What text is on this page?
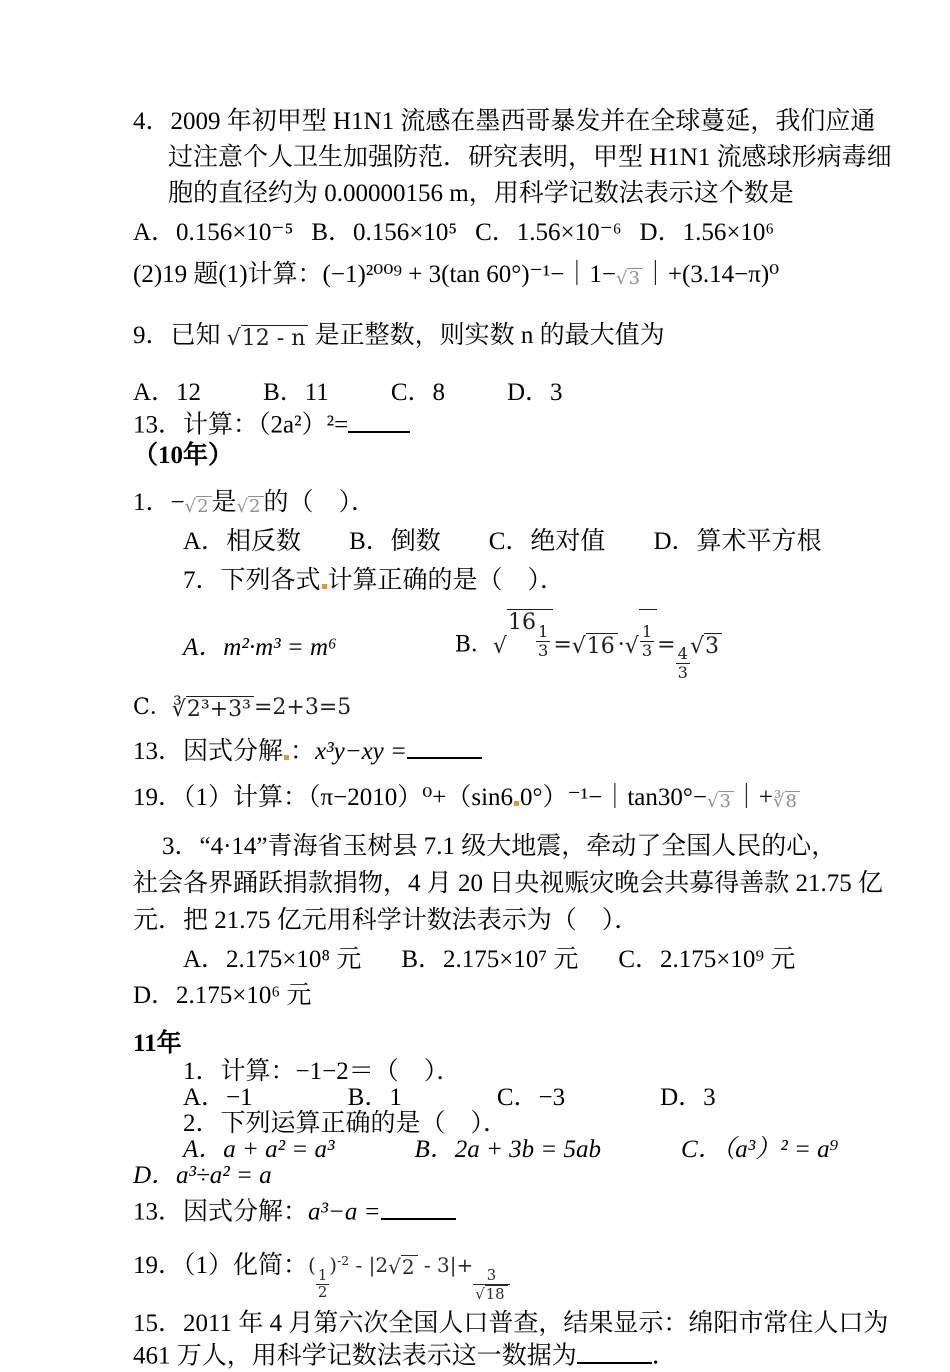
4．2009 年初甲型 H1N1 流感在墨西哥暴发并在全球蔓延，我们应通
过注意个人卫生加强防范．研究表明，甲型 H1N1 流感球形病毒细
胞的直径约为 0.00000156 m，用科学记数法表示这个数是
A．0.156×10⁻⁵ B．0.156×10⁵ C．1.56×10⁻⁶ D．1.56×10⁶
(2)19 题(1)计算：(−1)²⁰⁰⁹ + 3(tan 60°)⁻¹−｜1− √ 3 ｜+(3.14−π)⁰
9．已知 √ 12 - n 是正整数，则实数 n 的最大值为
A．12 B．11 C．8 D．3
13．计算：（2a²）²=
（10年）
1．− √ 2 是 √ 2 的（　）．
A．相反数 B．倒数 C．绝对值 D．算术平方根
7．下列各式 计算正确的是（　）．
A．m²·m³ = m⁶	B． √
16
$\frac{1}{3}$ = √ 16 · √ $\frac{1}{3}$ =
$\frac{4}{3}$ √ 3
C． ∛ 2³+3³ =2+3=5
13．因式分解 ：x³y−xy =
19．（1）计算：（π−2010）⁰+（sin6 0°）⁻¹−｜tan30°− √ 3 ｜+ ∛ 8
3．“4·14”青海省玉树县 7.1 级大地震，牵动了全国人民的心，
社会各界踊跃捐款捐物，4 月 20 日央视赈灾晚会共募得善款 21.75 亿
元．把 21.75 亿元用科学计数法表示为（　）．
A．2.175×10⁸ 元 B．2.175×10⁷ 元 C．2.175×10⁹ 元
D．2.175×10⁶ 元
11年
1．计算：−1−2＝（　）．
A．−1	B．1	C．−3	D．3
2．下列运算正确的是（　）．
A．a + a² = a³	B．2a + 3b = 5ab	C．（a³）² = a⁹
D．a³÷a² = a
13．因式分解：a³−a =
19．（1）化简：(
$\frac{1}{2}$
)$^{-2}$ - |2 √ 2 - 3|+
$\frac{3}{√ 18}$
15．2011 年 4 月第六次全国人口普查，结果显示：绵阳市常住人口为
461 万人，用科学记数法表示这一数据为	．
